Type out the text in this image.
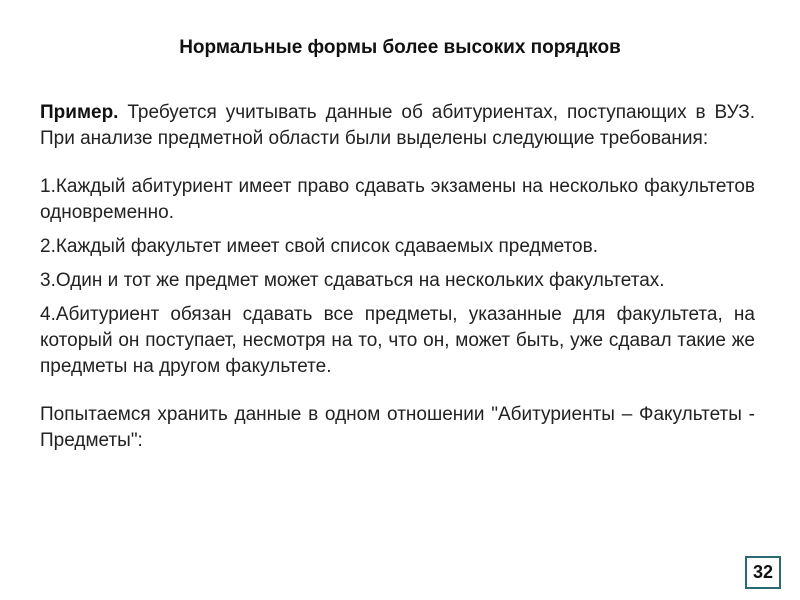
Нормальные формы более высоких порядков

Пример. Требуется учитывать данные об абитуриентах, поступающих в ВУЗ. При анализе предметной области были выделены следующие требования:

1.Каждый абитуриент имеет право сдавать экзамены на несколько факультетов одновременно.

2.Каждый факультет имеет свой список сдаваемых предметов.

3.Один и тот же предмет может сдаваться на нескольких факультетах.

4.Абитуриент обязан сдавать все предметы, указанные для факультета, на который он поступает, несмотря на то, что он, может быть, уже сдавал такие же предметы на другом факультете.

Попытаемся хранить данные в одном отношении "Абитуриенты – Факультеты - Предметы":

32
